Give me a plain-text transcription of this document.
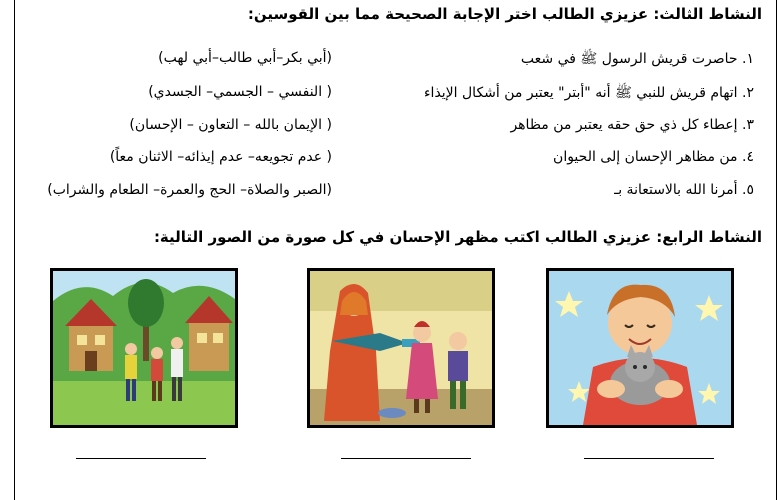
النشاط الثالث: عزيزي الطالب اختر الإجابة الصحيحة مما بين القوسين:
١. حاصرت قريش الرسول ﷺ في شعب
(أبي بكر–أبي طالب–أبي لهب)
٢. اتهام قريش للنبي ﷺ أنه "أبتر" يعتبر من أشكال الإيذاء
( النفسي – الجسمي– الجسدي)
٣. إعطاء كل ذي حق حقه يعتبر من مظاهر
( الإيمان بالله – التعاون – الإحسان)
٤. من مظاهر الإحسان إلى الحيوان
( عدم تجويعه– عدم إيذائه– الاثنان معاً)
٥. أمرنا الله بالاستعانة بـ
(الصبر والصلاة– الحج والعمرة– الطعام والشراب)
النشاط الرابع: عزيزي الطالب اكتب مظهر الإحسان في كل صورة من الصور التالية:
